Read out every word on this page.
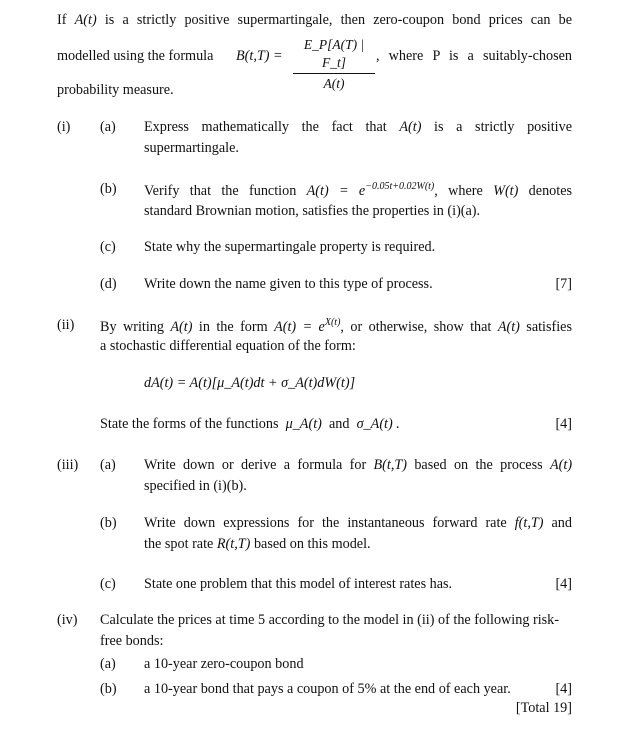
If A(t) is a strictly positive supermartingale, then zero-coupon bond prices can be
modelled using the formula $B(t,T) = \frac{E\_P[A(T) | F\_t]}{A(t)}$ , where P is a suitably-chosen
probability measure.
(i) (a) Express mathematically the fact that A(t) is a strictly positive
supermartingale.
(b) Verify that the function $A(t) = e^{-0.05t+0.02W(t)}$, where W(t) denotes
standard Brownian motion, satisfies the properties in (i)(a).
(c) State why the supermartingale property is required.
(d) Write down the name given to this type of process.	[7]
(ii) By writing A(t) in the form $A(t) = e^{X(t)}$, or otherwise, show that A(t) satisfies
a stochastic differential equation of the form:
dA(t) = A(t)[μ_A(t)dt + σ_A(t)dW(t)]
State the forms of the functions μ_A(t) and σ_A(t) .	[4]
(iii) (a) Write down or derive a formula for B(t,T) based on the process A(t)
specified in (i)(b).
(b) Write down expressions for the instantaneous forward rate f(t,T) and
the spot rate R(t,T) based on this model.
(c) State one problem that this model of interest rates has.	[4]
(iv) Calculate the prices at time 5 according to the model in (ii) of the following risk-
free bonds:
(a) a 10-year zero-coupon bond
(b) a 10-year bond that pays a coupon of 5% at the end of each year.	[4]
[Total 19]
